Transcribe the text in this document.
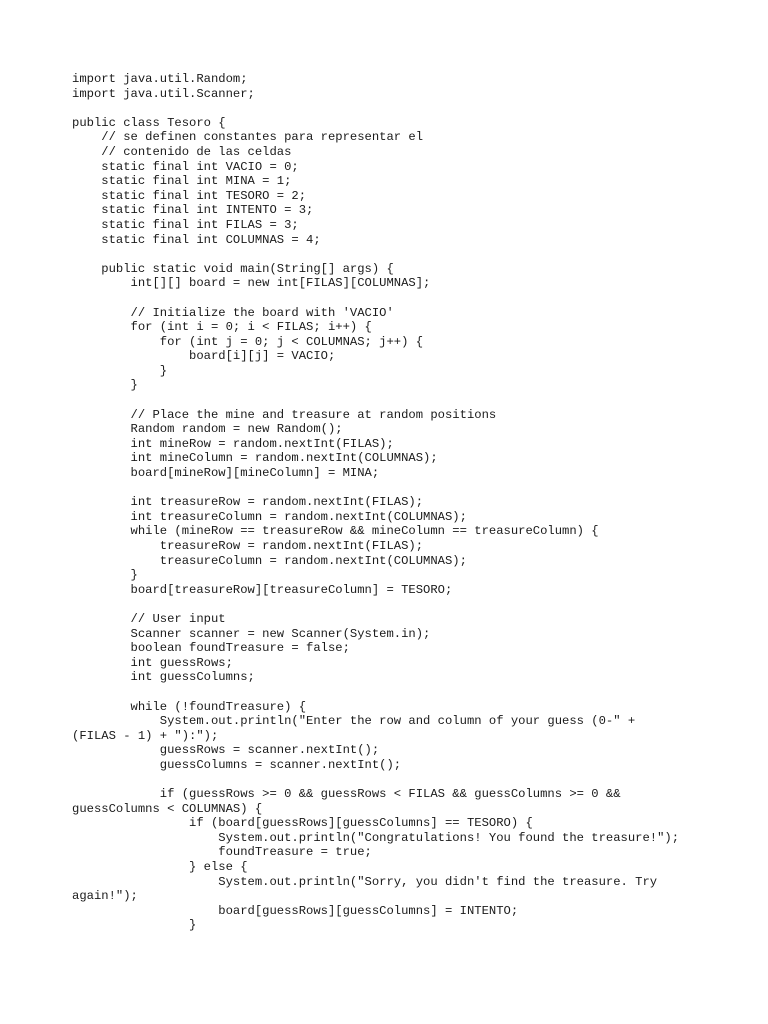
import java.util.Random;
import java.util.Scanner;
public class Tesoro {
// se definen constantes para representar el
// contenido de las celdas
static final int VACIO = 0;
static final int MINA = 1;
static final int TESORO = 2;
static final int INTENTO = 3;
static final int FILAS = 3;
static final int COLUMNAS = 4;
public static void main(String[] args) {
int[][] board = new int[FILAS][COLUMNAS];
// Initialize the board with 'VACIO'
for (int i = 0; i < FILAS; i++) {
for (int j = 0; j < COLUMNAS; j++) {
board[i][j] = VACIO;
}
}
// Place the mine and treasure at random positions
Random random = new Random();
int mineRow = random.nextInt(FILAS);
int mineColumn = random.nextInt(COLUMNAS);
board[mineRow][mineColumn] = MINA;
int treasureRow = random.nextInt(FILAS);
int treasureColumn = random.nextInt(COLUMNAS);
while (mineRow == treasureRow && mineColumn == treasureColumn) {
treasureRow = random.nextInt(FILAS);
treasureColumn = random.nextInt(COLUMNAS);
}
board[treasureRow][treasureColumn] = TESORO;
// User input
Scanner scanner = new Scanner(System.in);
boolean foundTreasure = false;
int guessRows;
int guessColumns;
while (!foundTreasure) {
System.out.println("Enter the row and column of your guess (0-" +
(FILAS - 1) + "):");
guessRows = scanner.nextInt();
guessColumns = scanner.nextInt();
if (guessRows >= 0 && guessRows < FILAS && guessColumns >= 0 &&
guessColumns < COLUMNAS) {
if (board[guessRows][guessColumns] == TESORO) {
System.out.println("Congratulations! You found the treasure!");
foundTreasure = true;
} else {
System.out.println("Sorry, you didn't find the treasure. Try
again!");
board[guessRows][guessColumns] = INTENTO;
}
